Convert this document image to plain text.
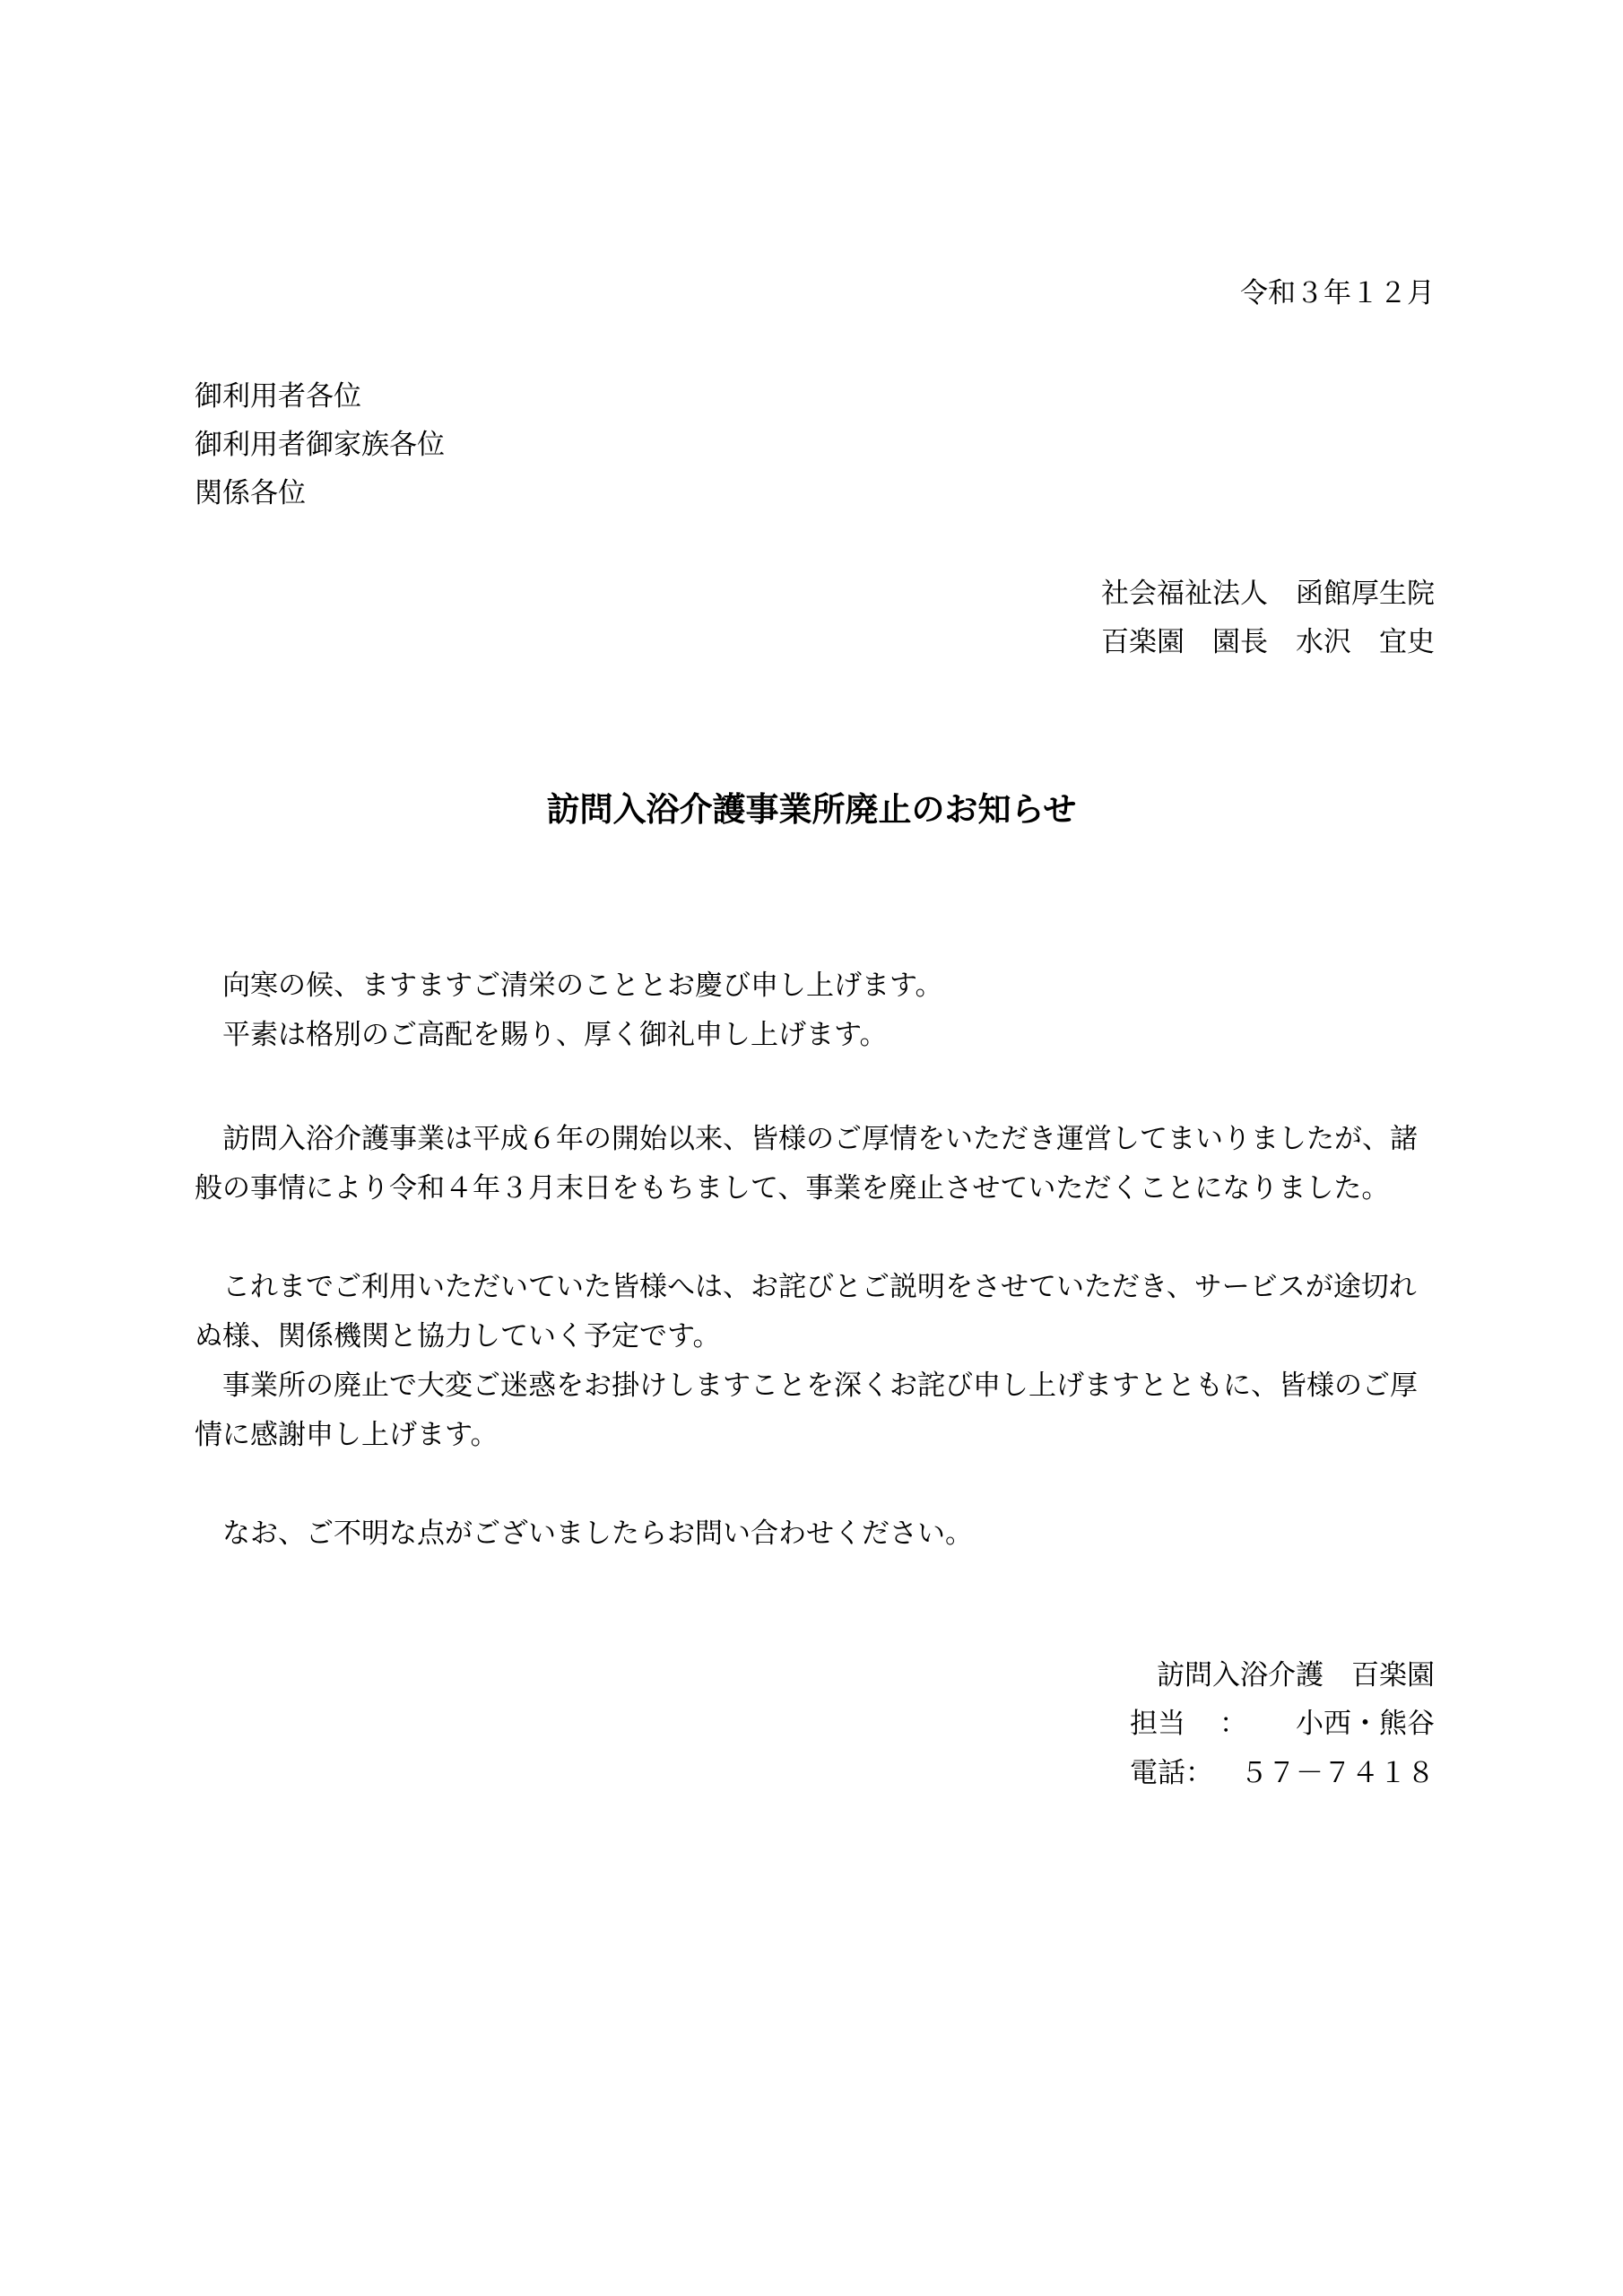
令和３年１２月
御利用者各位
御利用者御家族各位
関係各位
社会福祉法人　函館厚生院
百楽園　園長　水沢　宜史
訪問入浴介護事業所廃止のお知らせ
向寒の候、ますますご清栄のこととお慶び申し上げます。
平素は格別のご高配を賜り、厚く御礼申し上げます。
訪問入浴介護事業は平成６年の開始以来、皆様のご厚情をいただき運営してまいりましたが、諸般の事情により令和４年３月末日をもちまして、事業を廃止させていただくことになりました。
これまでご利用いただいていた皆様へは、お詫びとご説明をさせていただき、サービスが途切れぬ様、関係機関と協力していく予定です。
事業所の廃止で大変ご迷惑をお掛けしますことを深くお詫び申し上げますとともに、皆様のご厚情に感謝申し上げます。
なお、ご不明な点がございましたらお問い合わせください。
訪問入浴介護　百楽園
担当 ： 小西・熊谷
電話： ５７－７４１８
